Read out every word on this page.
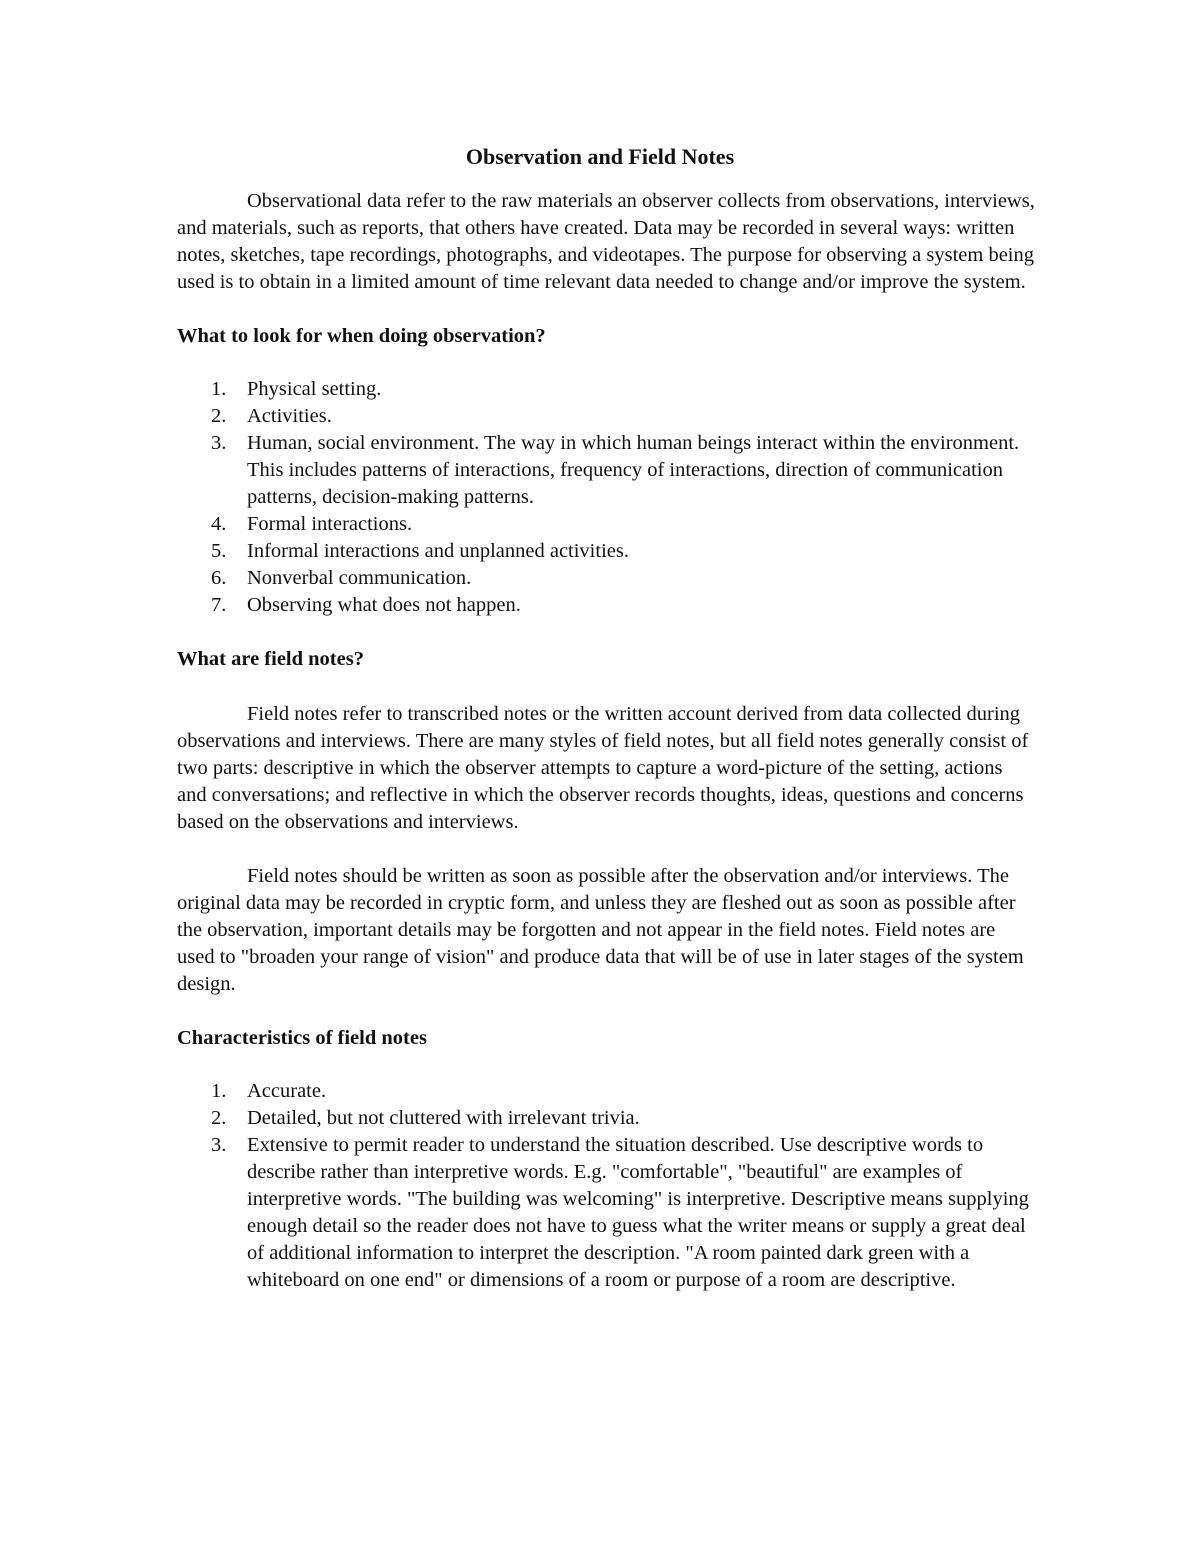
Observation and Field Notes

Observational data refer to the raw materials an observer collects from observations, interviews, and materials, such as reports, that others have created. Data may be recorded in several ways: written notes, sketches, tape recordings, photographs, and videotapes. The purpose for observing a system being used is to obtain in a limited amount of time relevant data needed to change and/or improve the system.

What to look for when doing observation?

1. Physical setting.
2. Activities.
3. Human, social environment. The way in which human beings interact within the environment. This includes patterns of interactions, frequency of interactions, direction of communication patterns, decision-making patterns.
4. Formal interactions.
5. Informal interactions and unplanned activities.
6. Nonverbal communication.
7. Observing what does not happen.

What are field notes?

Field notes refer to transcribed notes or the written account derived from data collected during observations and interviews. There are many styles of field notes, but all field notes generally consist of two parts: descriptive in which the observer attempts to capture a word-picture of the setting, actions and conversations; and reflective in which the observer records thoughts, ideas, questions and concerns based on the observations and interviews.

Field notes should be written as soon as possible after the observation and/or interviews. The original data may be recorded in cryptic form, and unless they are fleshed out as soon as possible after the observation, important details may be forgotten and not appear in the field notes. Field notes are used to "broaden your range of vision" and produce data that will be of use in later stages of the system design.

Characteristics of field notes

1. Accurate.
2. Detailed, but not cluttered with irrelevant trivia.
3. Extensive to permit reader to understand the situation described. Use descriptive words to describe rather than interpretive words. E.g. "comfortable", "beautiful" are examples of interpretive words. "The building was welcoming" is interpretive. Descriptive means supplying enough detail so the reader does not have to guess what the writer means or supply a great deal of additional information to interpret the description. "A room painted dark green with a whiteboard on one end" or dimensions of a room or purpose of a room are descriptive.
